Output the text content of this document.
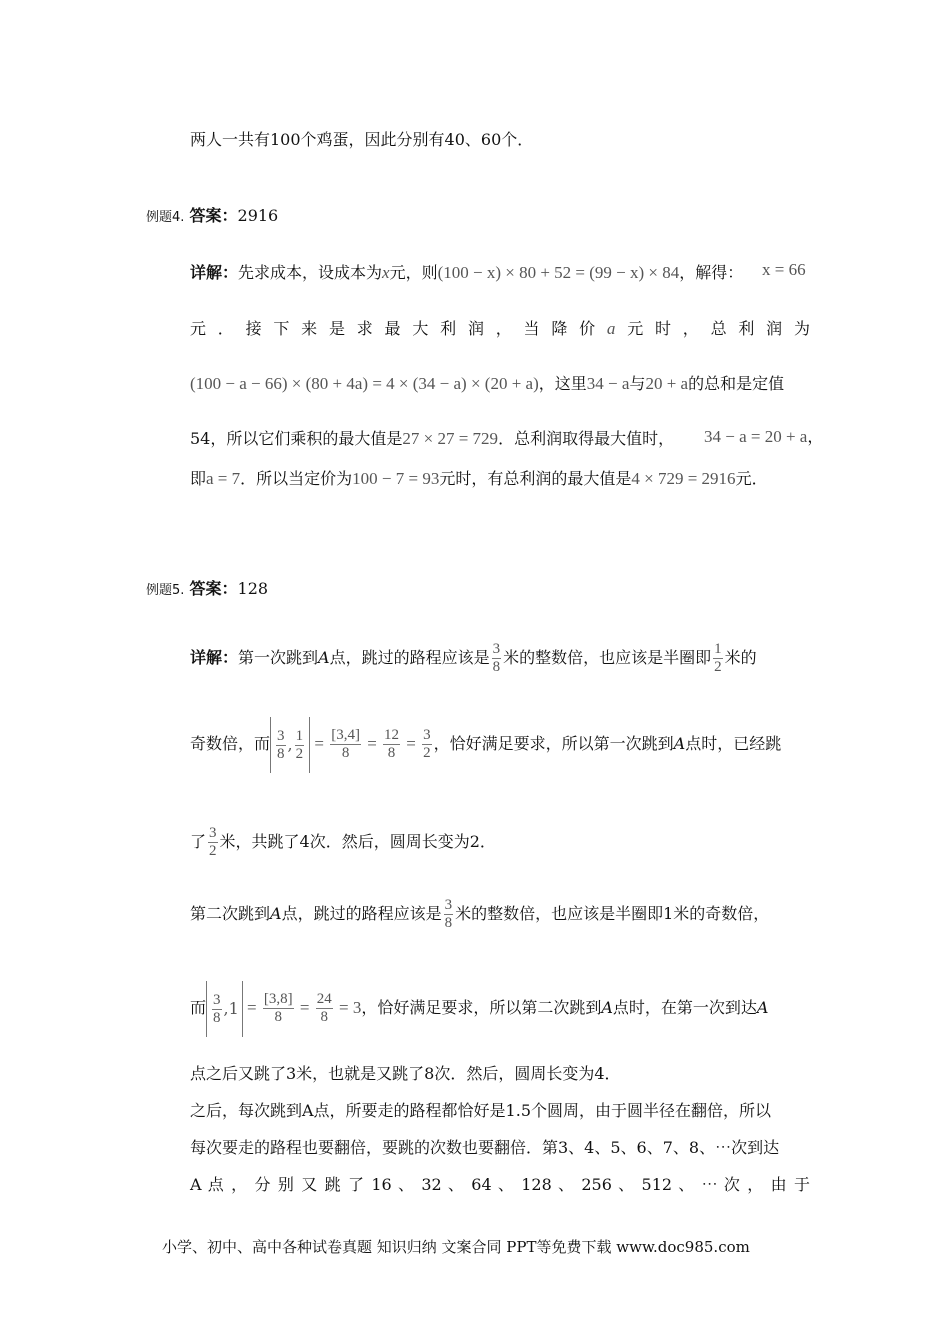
两人一共有100个鸡蛋，因此分别有40、60个．
例题4. 答案：2916
详解：先求成本，设成本为x元，则(100 − x) × 80 + 52 = (99 − x) × 84，解得： x = 66
元．接下来是求最大利润，当降价a元时，总利润为
(100 − a − 66) × (80 + 4a) = 4 × (34 − a) × (20 + a)，这里34 − a与20 + a的总和是定值
54，所以它们乘积的最大值是27 × 27 = 729．总利润取得最大值时， 34 − a = 20 + a，
即a = 7．所以当定价为100 − 7 = 93元时，有总利润的最大值是4 × 729 = 2916元．
例题5. 答案：128
详解：第一次跳到A点，跳过的路程应该是 $\frac{3}{8}$ 米的整数倍，也应该是半圈即 $\frac{1}{2}$ 米的
奇数倍，而 $\frac{3}{8}$ , $\frac{1}{2} = \frac{[3,4]}{8} = \frac{12}{8} = \frac{3}{2}$ ，恰好满足要求，所以第一次跳到A点时，已经跳
了 $\frac{3}{2}$ 米，共跳了4次．然后，圆周长变为2．
第二次跳到A点，跳过的路程应该是 $\frac{3}{8}$ 米的整数倍，也应该是半圈即1米的奇数倍，
而 $\frac{3}{8} ,1 = \frac{[3,8]}{8} = \frac{24}{8} = 3$，恰好满足要求，所以第二次跳到A点时，在第一次到达A
点之后又跳了3米，也就是又跳了8次．然后，圆周长变为4．
之后，每次跳到A点，所要走的路程都恰好是1.5个圆周，由于圆半径在翻倍，所以
每次要走的路程也要翻倍，要跳的次数也要翻倍．第3、4、5、6、7、8、⋯次到达
A 点 ， 分 别 又 跳 了 16 、 32 、 64 、 128 、 256 、 512 、 ⋯ 次 ， 由 于
小学、初中、高中各种试卷真题 知识归纳 文案合同 PPT等免费下载 www.doc985.com
